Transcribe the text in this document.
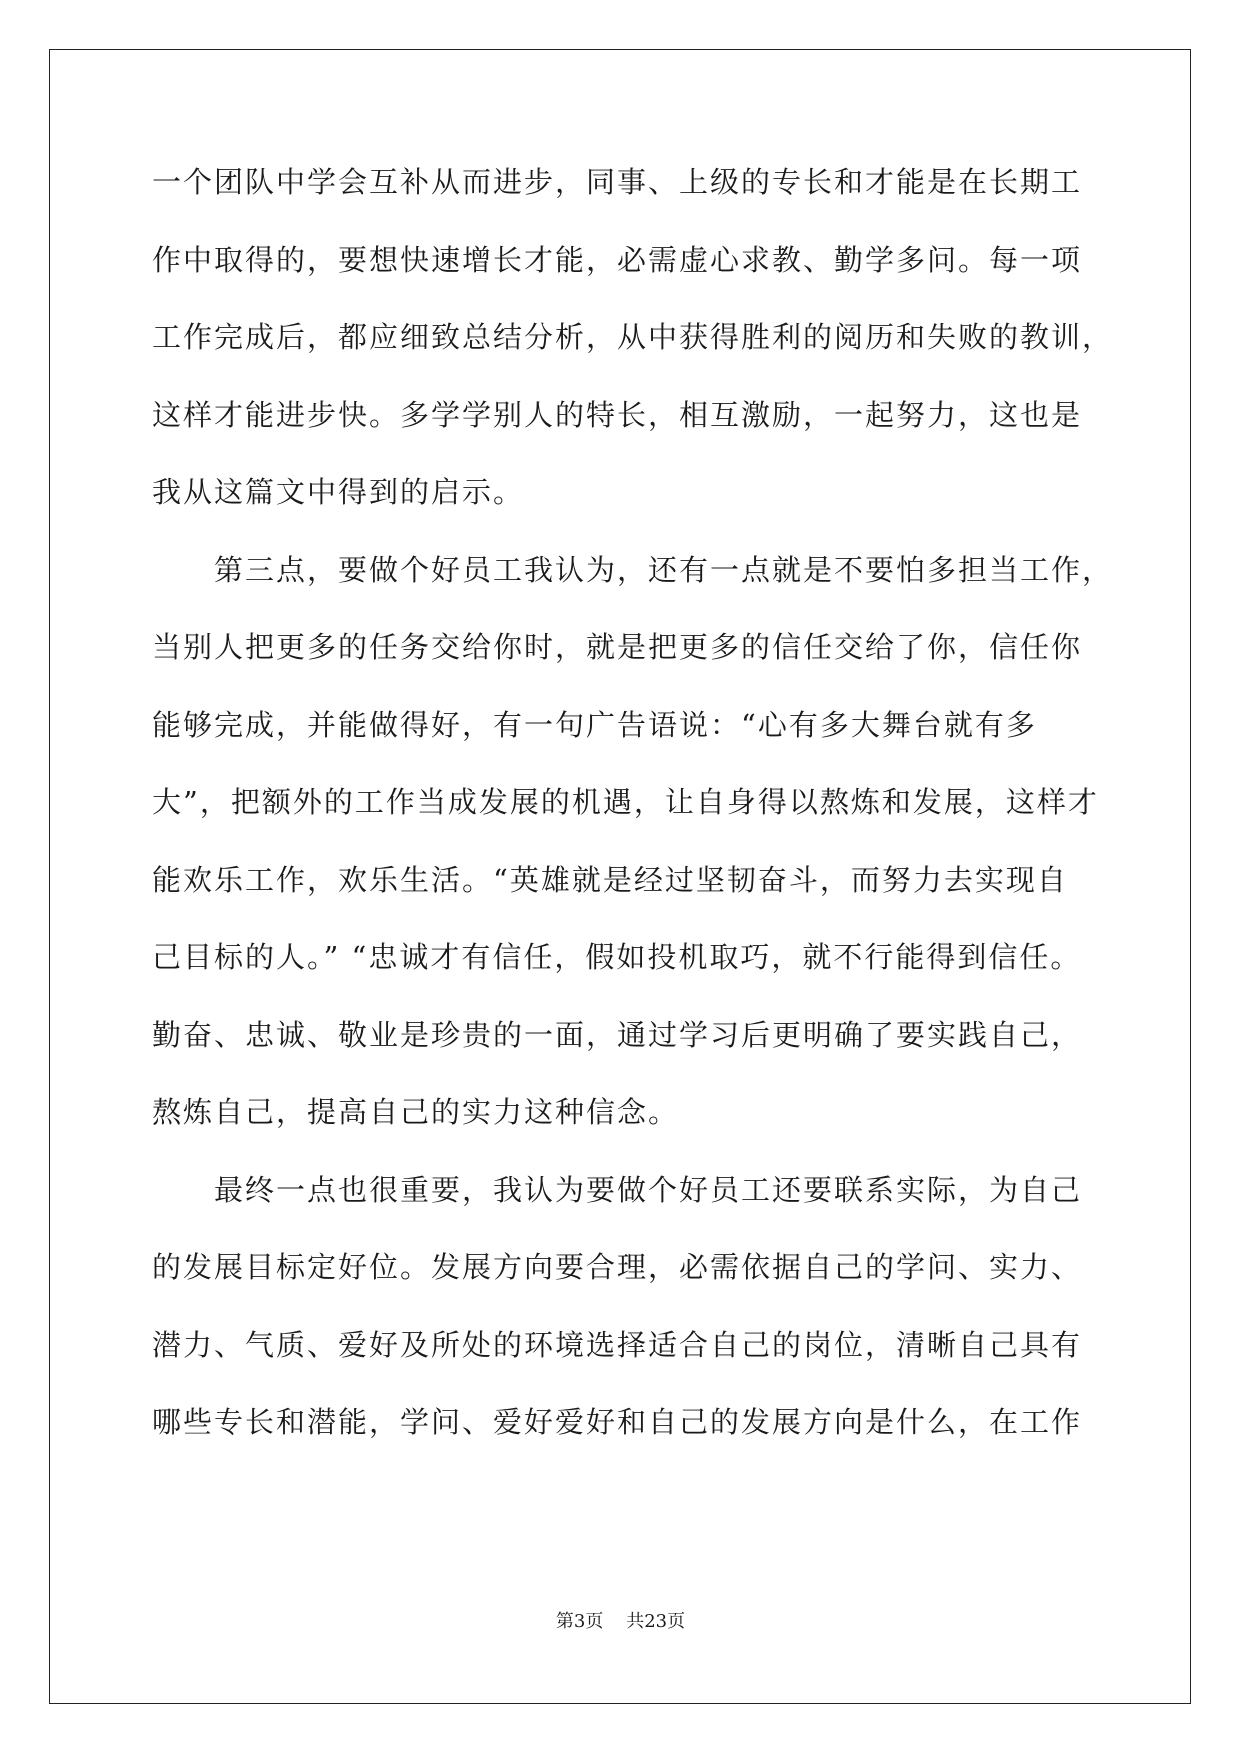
一个团队中学会互补从而进步，同事、上级的专长和才能是在长期工
作中取得的，要想快速增长才能，必需虚心求教、勤学多问。每一项
工作完成后，都应细致总结分析，从中获得胜利的阅历和失败的教训，
这样才能进步快。多学学别人的特长，相互激励，一起努力，这也是
我从这篇文中得到的启示。
第三点，要做个好员工我认为，还有一点就是不要怕多担当工作，
当别人把更多的任务交给你时，就是把更多的信任交给了你，信任你
能够完成，并能做得好，有一句广告语说：“心有多大舞台就有多
大”，把额外的工作当成发展的机遇，让自身得以熬炼和发展，这样才
能欢乐工作，欢乐生活。“英雄就是经过坚韧奋斗，而努力去实现自
己目标的人。” “忠诚才有信任，假如投机取巧，就不行能得到信任。
勤奋、忠诚、敬业是珍贵的一面，通过学习后更明确了要实践自己，
熬炼自己，提高自己的实力这种信念。
最终一点也很重要，我认为要做个好员工还要联系实际，为自己
的发展目标定好位。发展方向要合理，必需依据自己的学问、实力、
潜力、气质、爱好及所处的环境选择适合自己的岗位，清晰自己具有
哪些专长和潜能，学问、爱好爱好和自己的发展方向是什么，在工作
第3页 共23页
